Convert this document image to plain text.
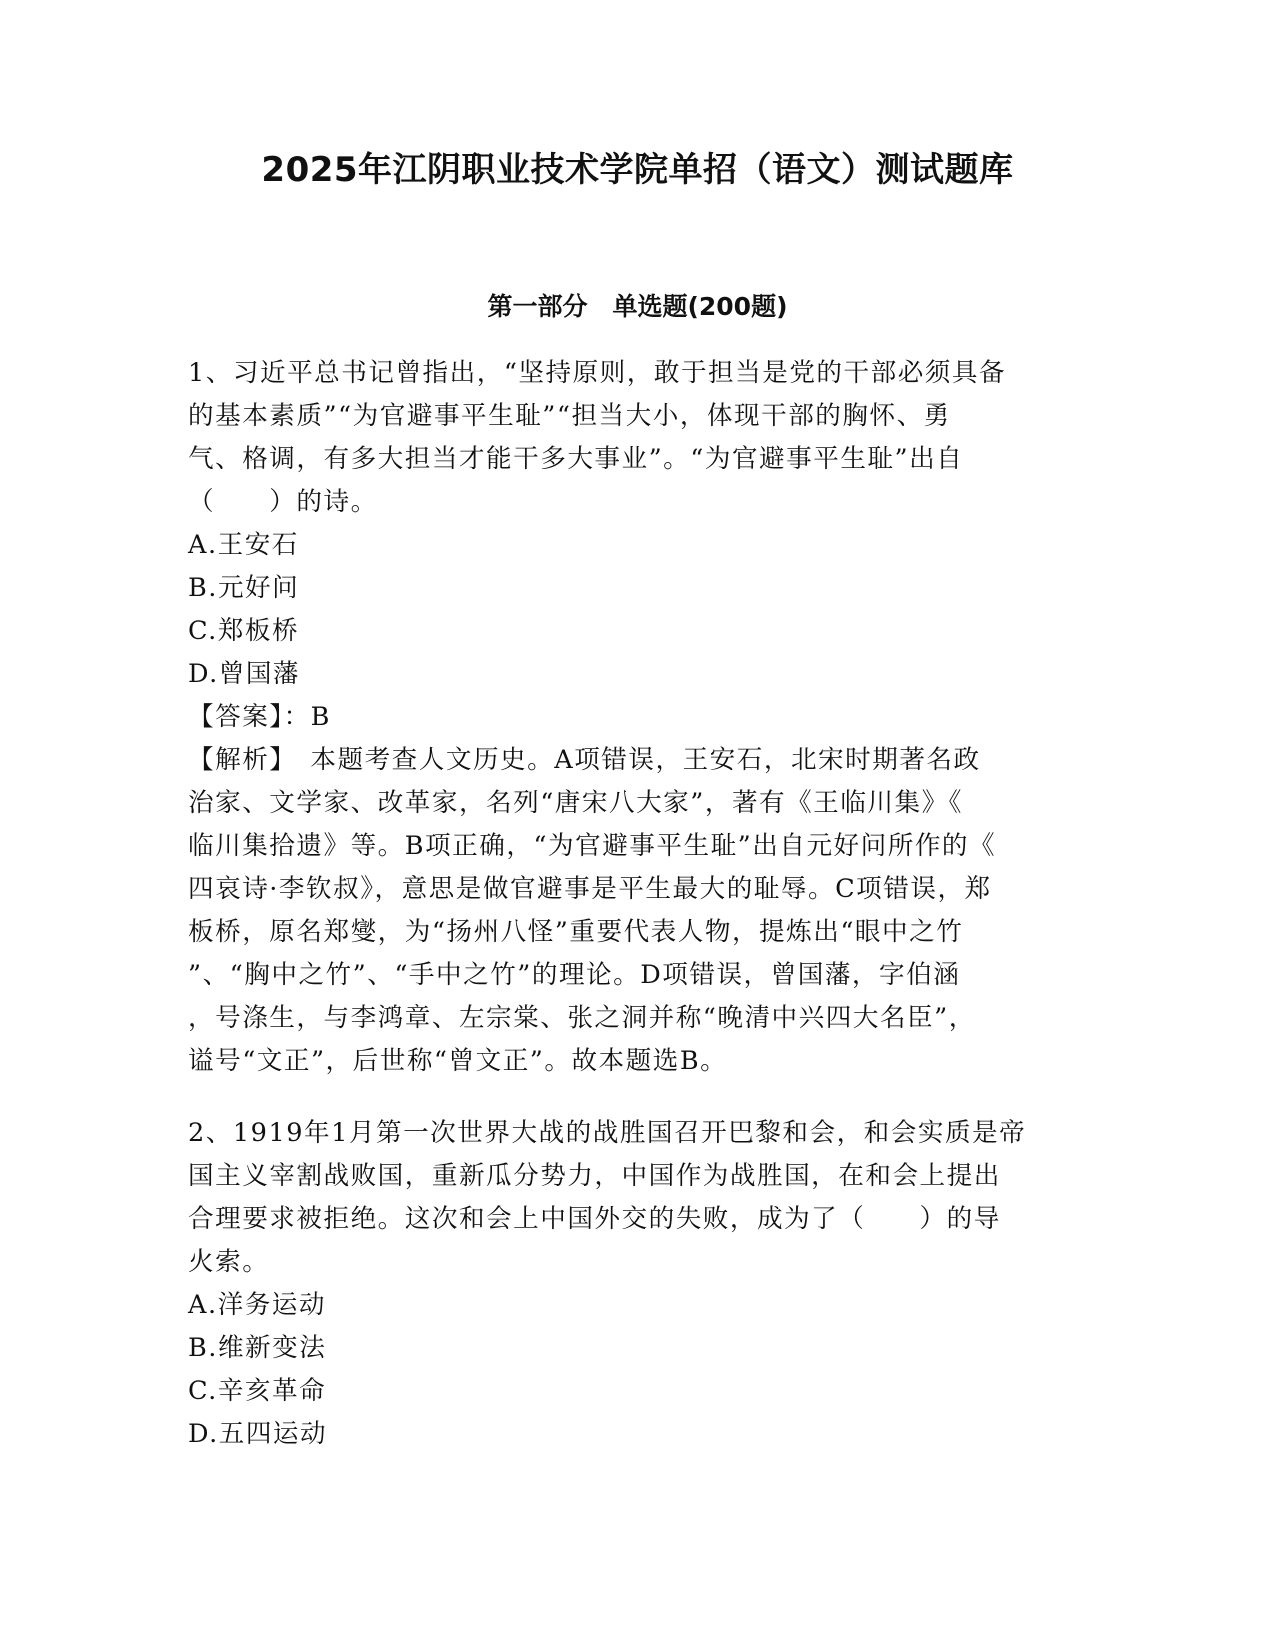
2025年江阴职业技术学院单招（语文）测试题库
第一部分　单选题(200题)
1、习近平总书记曾指出，“坚持原则，敢于担当是党的干部必须具备
的基本素质”“为官避事平生耻”“担当大小，体现干部的胸怀、勇
气、格调，有多大担当才能干多大事业”。“为官避事平生耻”出自
（　　）的诗。
A.王安石
B.元好问
C.郑板桥
D.曾国藩
【答案】：B
【解析】 本题考查人文历史。A项错误，王安石，北宋时期著名政
治家、文学家、改革家，名列“唐宋八大家”，著有《王临川集》《
临川集拾遗》等。B项正确，“为官避事平生耻”出自元好问所作的《
四哀诗·李钦叔》，意思是做官避事是平生最大的耻辱。C项错误，郑
板桥，原名郑燮，为“扬州八怪”重要代表人物，提炼出“眼中之竹
”、“胸中之竹”、“手中之竹”的理论。D项错误，曾国藩，字伯涵
，号涤生，与李鸿章、左宗棠、张之洞并称“晚清中兴四大名臣”，
谥号“文正”，后世称“曾文正”。故本题选B。
2、1919年1月第一次世界大战的战胜国召开巴黎和会，和会实质是帝
国主义宰割战败国，重新瓜分势力，中国作为战胜国，在和会上提出
合理要求被拒绝。这次和会上中国外交的失败，成为了（　　）的导
火索。
A.洋务运动
B.维新变法
C.辛亥革命
D.五四运动
